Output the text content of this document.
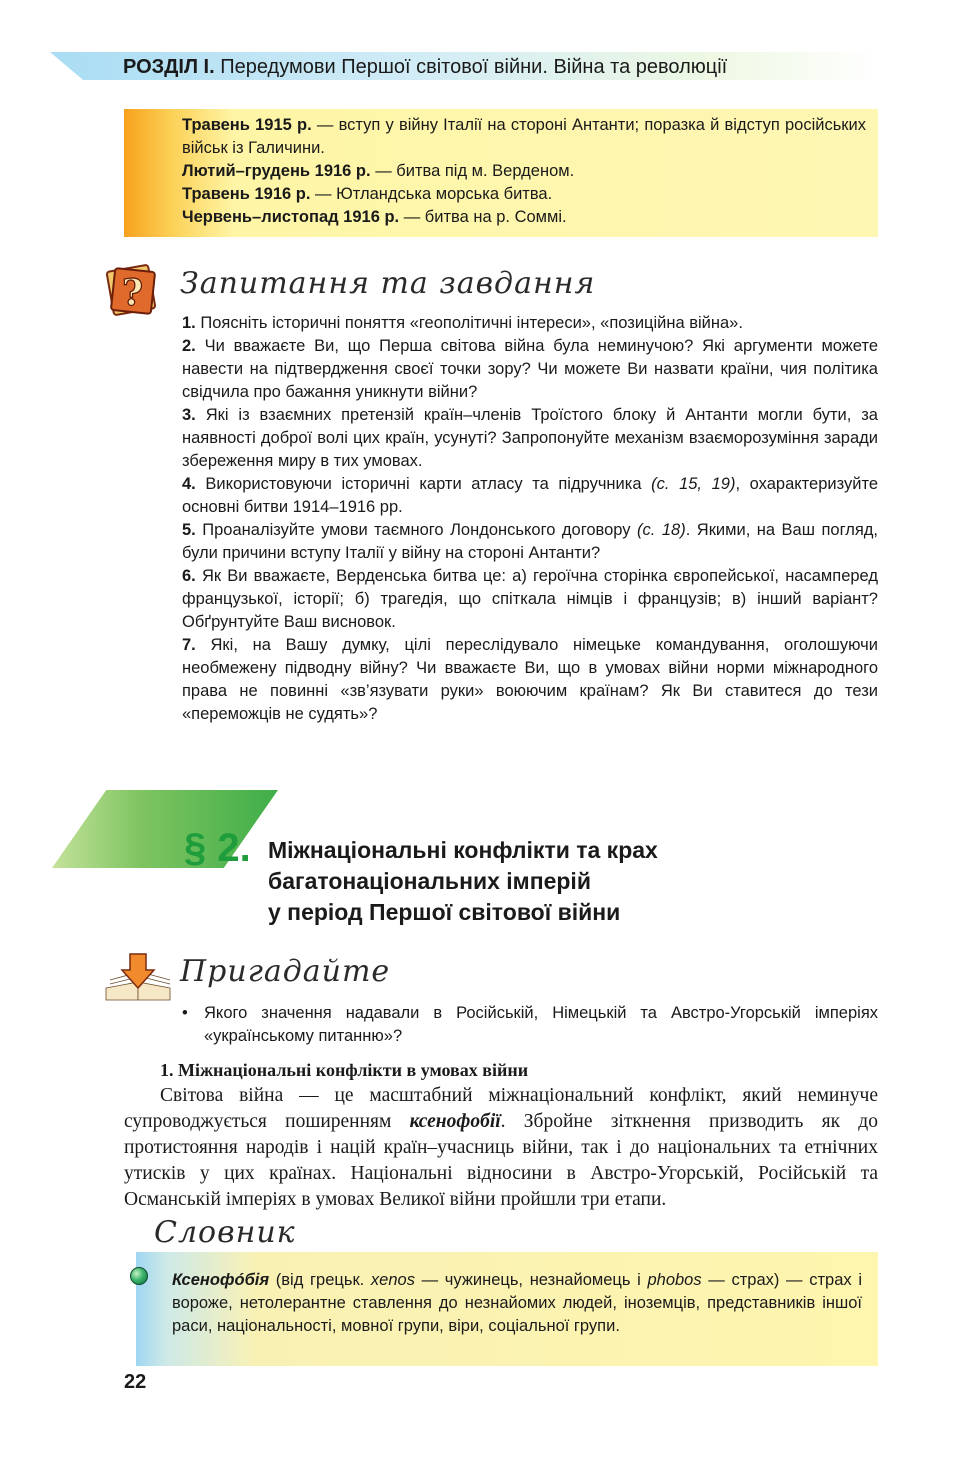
РОЗДІЛ І. Передумови Першої світової війни. Війна та революції

Травень 1915 р. — вступ у війну Італії на стороні Антанти; поразка й відступ російських військ із Галичини.

Лютий–грудень 1916 р. — битва під м. Верденом.

Травень 1916 р. — Ютландська морська битва.

Червень–листопад 1916 р. — битва на р. Соммі.

? Запитання та завдання

1. Поясніть історичні поняття «геополітичні інтереси», «позиційна війна».

2. Чи вважаєте Ви, що Перша світова війна була неминучою? Які аргументи можете навести на підтвердження своєї точки зору? Чи можете Ви назвати країни, чия політика свідчила про бажання уникнути війни?

3. Які із взаємних претензій країн–членів Троїстого блоку й Антанти могли бути, за наявності доброї волі цих країн, усунуті? Запропонуйте механізм взаєморозуміння заради збереження миру в тих умовах.

4. Використовуючи історичні карти атласу та підручника (с. 15, 19), охарактеризуйте основні битви 1914–1916 рр.

5. Проаналізуйте умови таємного Лондонського договору (с. 18). Якими, на Ваш погляд, були причини вступу Італії у війну на стороні Антанти?

6. Як Ви вважаєте, Верденська битва це: а) героїчна сторінка європейської, насамперед французької, історії; б) трагедія, що спіткала німців і французів; в) інший варіант? Обґрунтуйте Ваш висновок.

7. Які, на Вашу думку, цілі переслідувало німецьке командування, оголошуючи необмежену підводну війну? Чи вважаєте Ви, що в умовах війни норми міжнародного права не повинні «зв’язувати руки» воюючим країнам? Як Ви ставитеся до тези «переможців не судять»?

§ 2. Міжнаціональні конфлікти та крах
багатонаціональних імперій
у період Першої світової війни
Пригадайте
• Якого значення надавали в Російській, Німецькій та Австро-Угорській імперіях «українському питанню»?
1. Міжнаціональні конфлікти в умовах війни

Світова війна — це масштабний міжнаціональний конфлікт, який неминуче супроводжується поширенням ксенофобії. Збройне зіткнення призводить як до протистояння народів і націй країн–учасниць війни, так і до національних та етнічних утисків у цих країнах. Національні відносини в Австро-Угорській, Російській та Османській імперіях в умовах Великої війни пройшли три етапи.

Словник
Ксенофóбія (від грецьк. xenos — чужинець, незнайомець і phobos — страх) — страх і вороже, нетолерантне ставлення до незнайомих людей, іноземців, представників іншої раси, національності, мовної групи, віри, соціальної групи.
22
